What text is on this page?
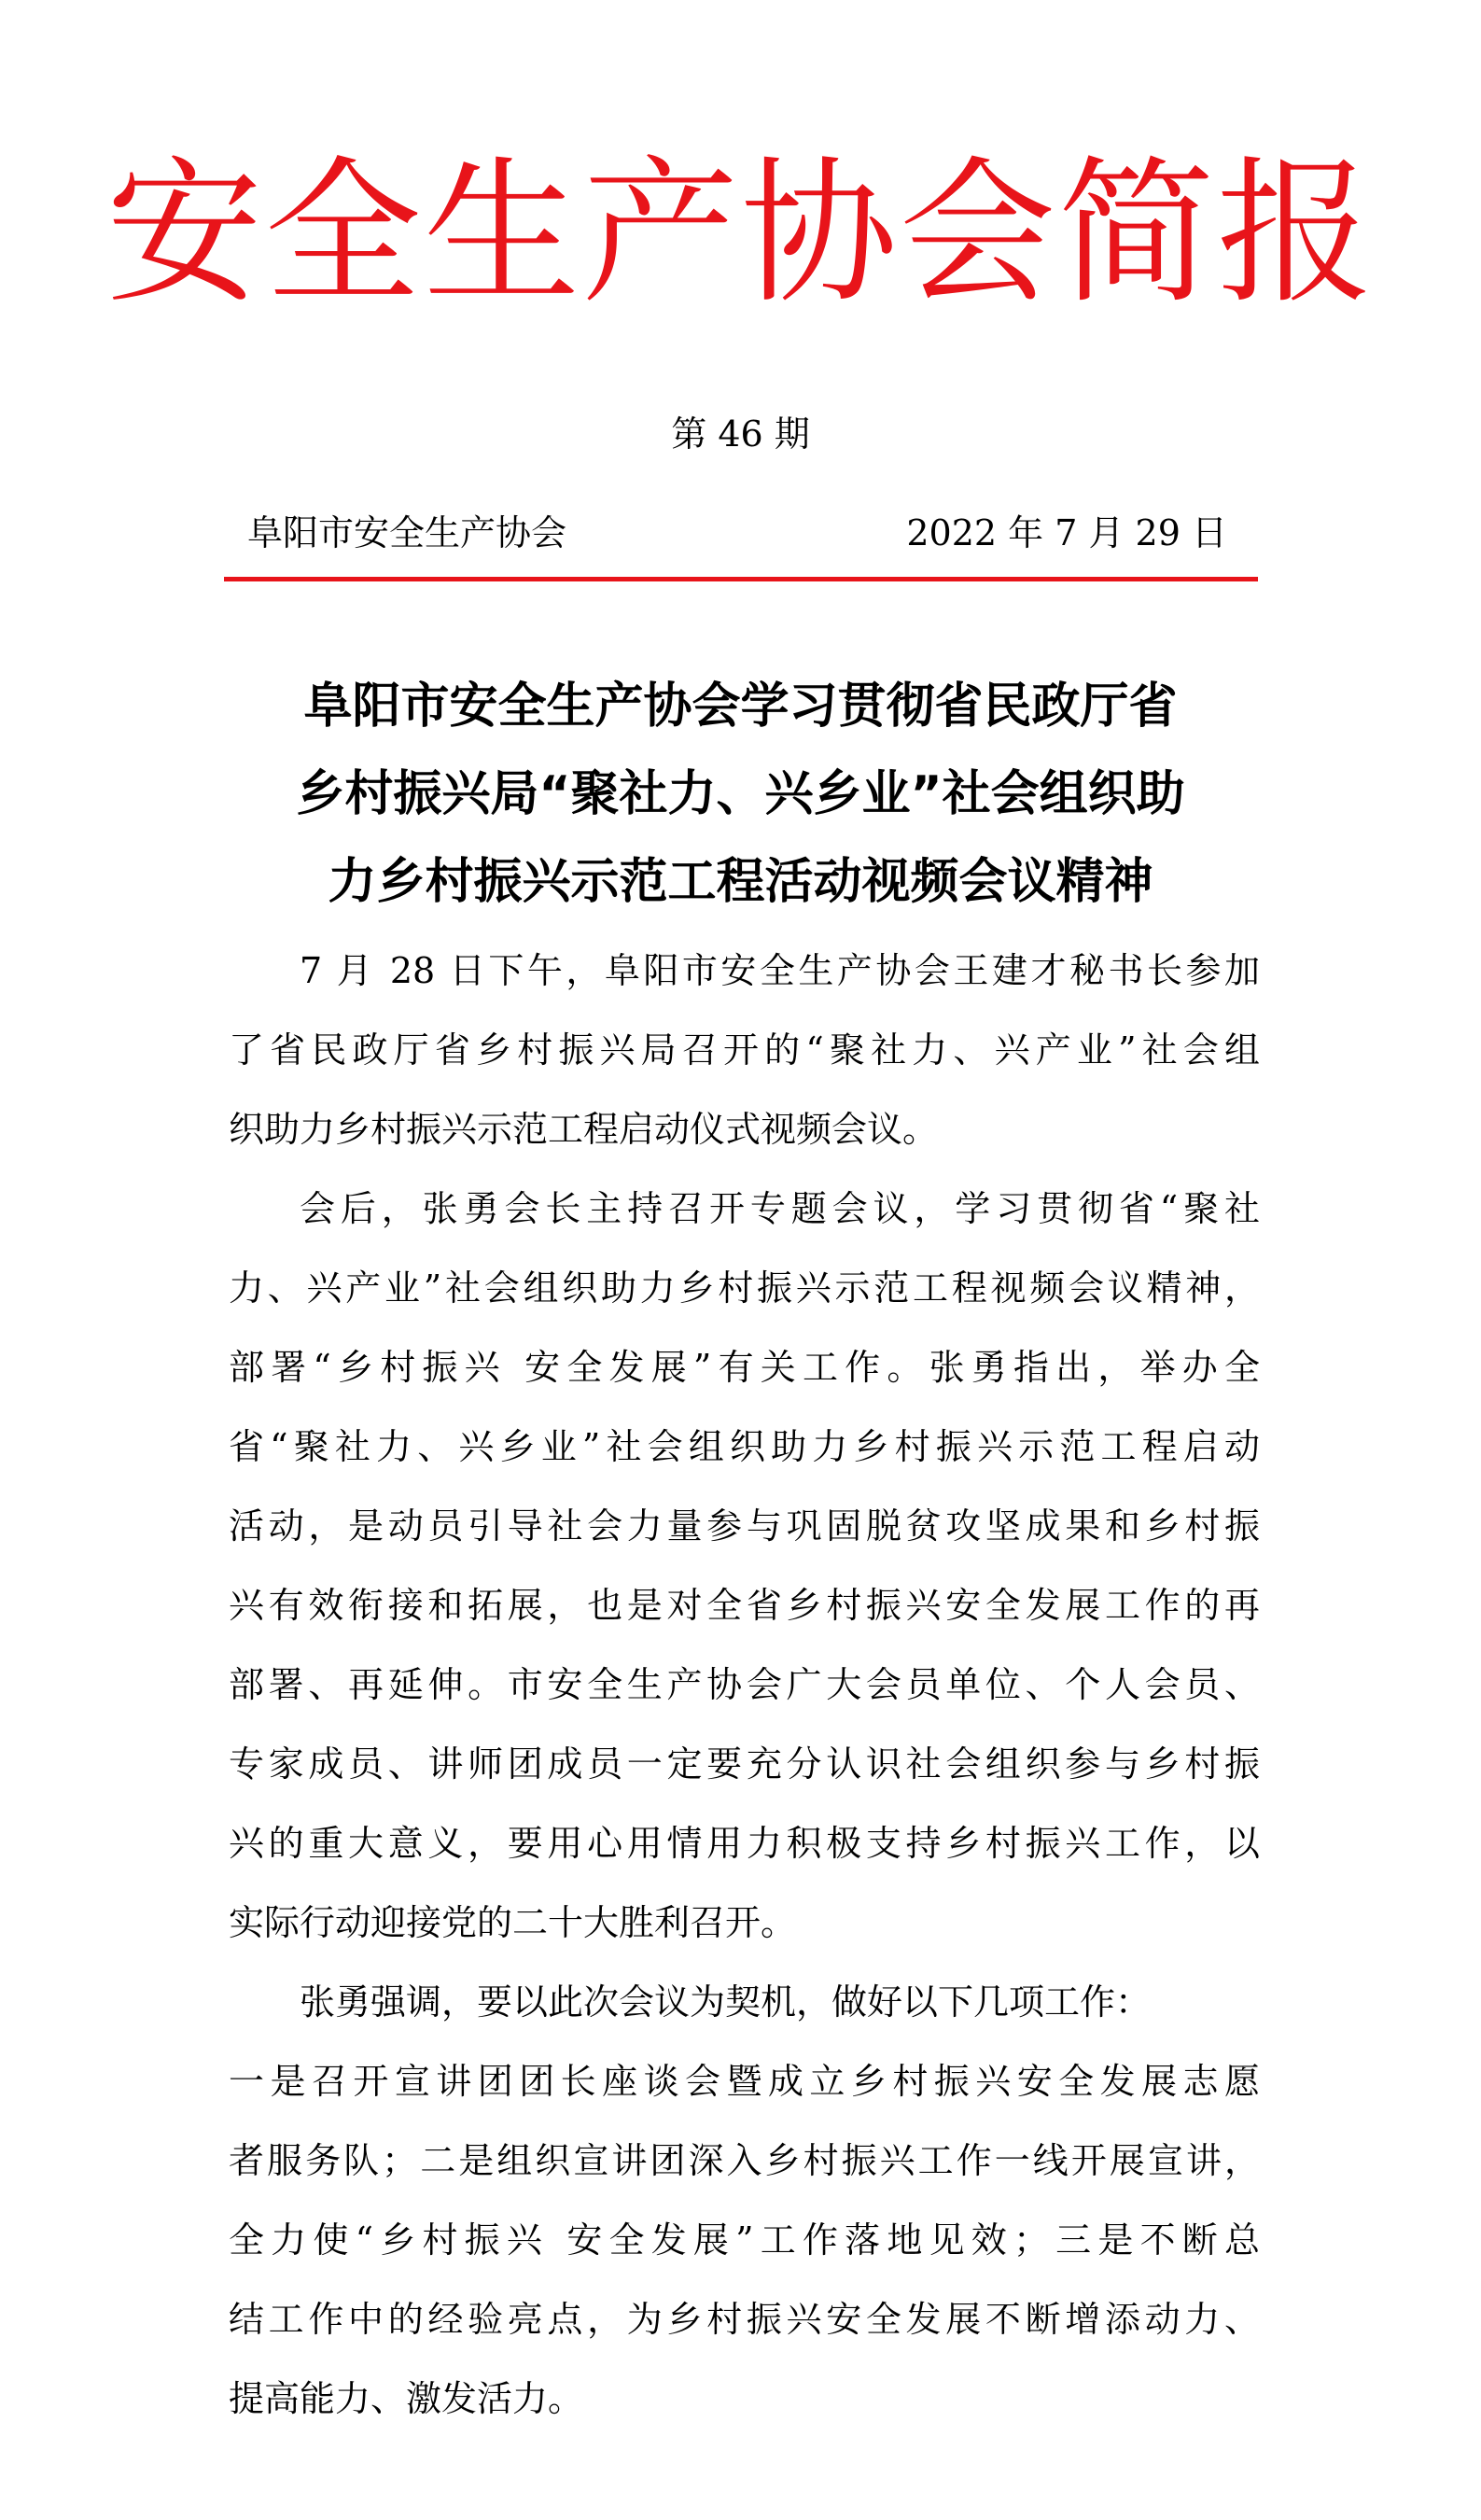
安全生产协会简报
第 46 期
阜阳市安全生产协会	2022 年 7 月 29 日
阜阳市安全生产协会学习贯彻省民政厅省
乡村振兴局“聚社力、兴乡业”社会组织助
力乡村振兴示范工程活动视频会议精神
7 月 28 日下午，阜阳市安全生产协会王建才秘书长参加
了省民政厅省乡村振兴局召开的“聚社力、兴产业”社会组
织助力乡村振兴示范工程启动仪式视频会议。
会后，张勇会长主持召开专题会议，学习贯彻省“聚社
力、兴产业”社会组织助力乡村振兴示范工程视频会议精神，
部署“乡村振兴 安全发展”有关工作。张勇指出，举办全
省“聚社力、兴乡业”社会组织助力乡村振兴示范工程启动
活动，是动员引导社会力量参与巩固脱贫攻坚成果和乡村振
兴有效衔接和拓展，也是对全省乡村振兴安全发展工作的再
部署、再延伸。市安全生产协会广大会员单位、个人会员、
专家成员、讲师团成员一定要充分认识社会组织参与乡村振
兴的重大意义，要用心用情用力积极支持乡村振兴工作，以
实际行动迎接党的二十大胜利召开。
张勇强调，要以此次会议为契机，做好以下几项工作：
一是召开宣讲团团长座谈会暨成立乡村振兴安全发展志愿
者服务队；二是组织宣讲团深入乡村振兴工作一线开展宣讲，
全力使“乡村振兴 安全发展”工作落地见效；三是不断总
结工作中的经验亮点，为乡村振兴安全发展不断增添动力、
提高能力、激发活力。
